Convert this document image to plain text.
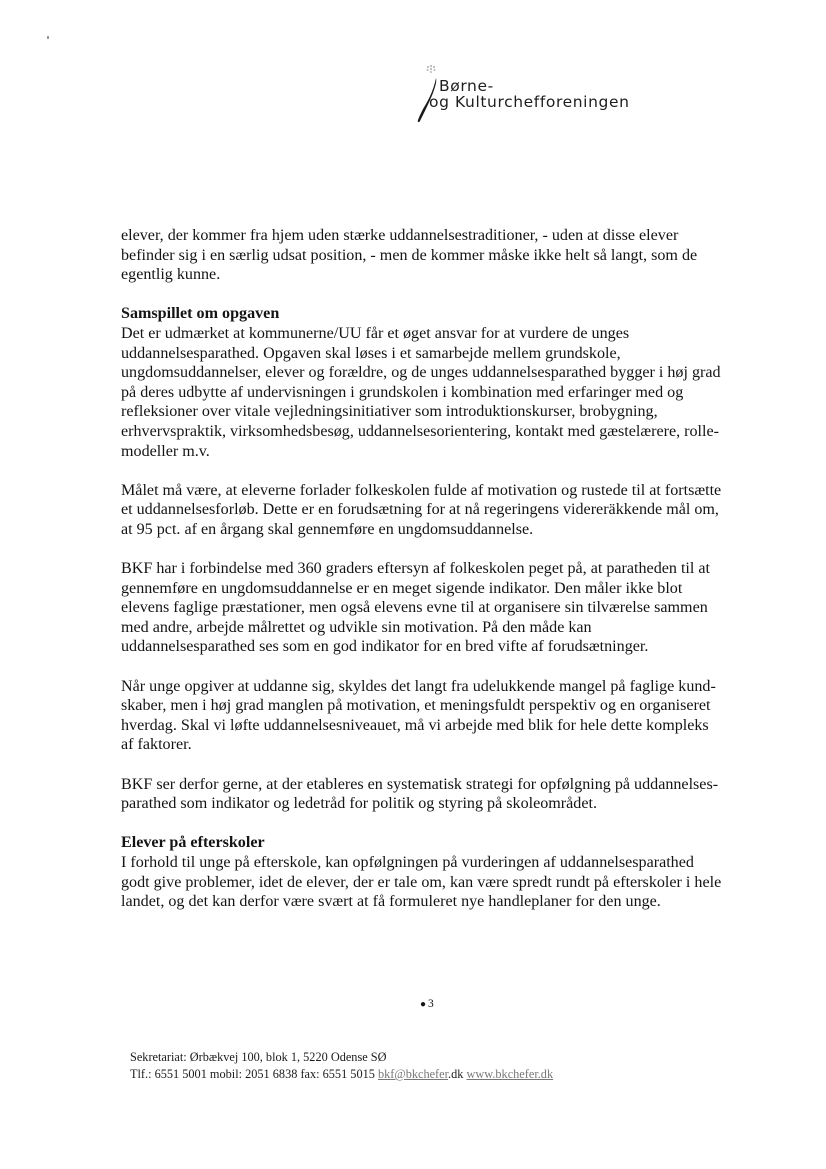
Børne-
og Kulturchefforeningen

elever, der kommer fra hjem uden stærke uddannelsestraditioner, - uden at disse elever
befinder sig i en særlig udsat position, - men de kommer måske ikke helt så langt, som de
egentlig kunne.

Samspillet om opgaven

Det er udmærket at kommunerne/UU får et øget ansvar for at vurdere de unges
uddannelsesparathed. Opgaven skal løses i et samarbejde mellem grundskole,
ungdomsuddannelser, elever og forældre, og de unges uddannelsesparathed bygger i høj grad
på deres udbytte af undervisningen i grundskolen i kombination med erfaringer med og
refleksioner over vitale vejledningsinitiativer som introduktionskurser, brobygning,
erhvervspraktik, virksomhedsbesøg, uddannelsesorientering, kontakt med gæstelærere, rolle-
modeller m.v.

Målet må være, at eleverne forlader folkeskolen fulde af motivation og rustede til at fortsætte
et uddannelsesforløb. Dette er en forudsætning for at nå regeringens videreräkkende mål om,
at 95 pct. af en årgang skal gennemføre en ungdomsuddannelse.

BKF har i forbindelse med 360 graders eftersyn af folkeskolen peget på, at paratheden til at
gennemføre en ungdomsuddannelse er en meget sigende indikator. Den måler ikke blot
elevens faglige præstationer, men også elevens evne til at organisere sin tilværelse sammen
med andre, arbejde målrettet og udvikle sin motivation. På den måde kan
uddannelsesparathed ses som en god indikator for en bred vifte af forudsætninger.

Når unge opgiver at uddanne sig, skyldes det langt fra udelukkende mangel på faglige kund-
skaber, men i høj grad manglen på motivation, et meningsfuldt perspektiv og en organiseret
hverdag. Skal vi løfte uddannelsesniveauet, må vi arbejde med blik for hele dette kompleks
af faktorer.

BKF ser derfor gerne, at der etableres en systematisk strategi for opfølgning på uddannelses-
parathed som indikator og ledetråd for politik og styring på skoleområdet.

Elever på efterskoler

I forhold til unge på efterskole, kan opfølgningen på vurderingen af uddannelsesparathed
godt give problemer, idet de elever, der er tale om, kan være spredt rundt på efterskoler i hele
landet, og det kan derfor være svært at få formuleret nye handleplaner for den unge.

● 3
Sekretariat: Ørbækvej 100, blok 1, 5220 Odense SØ
Tlf.: 6551 5001 mobil: 2051 6838 fax: 6551 5015 bkf@bkchefer.dk www.bkchefer.dk
